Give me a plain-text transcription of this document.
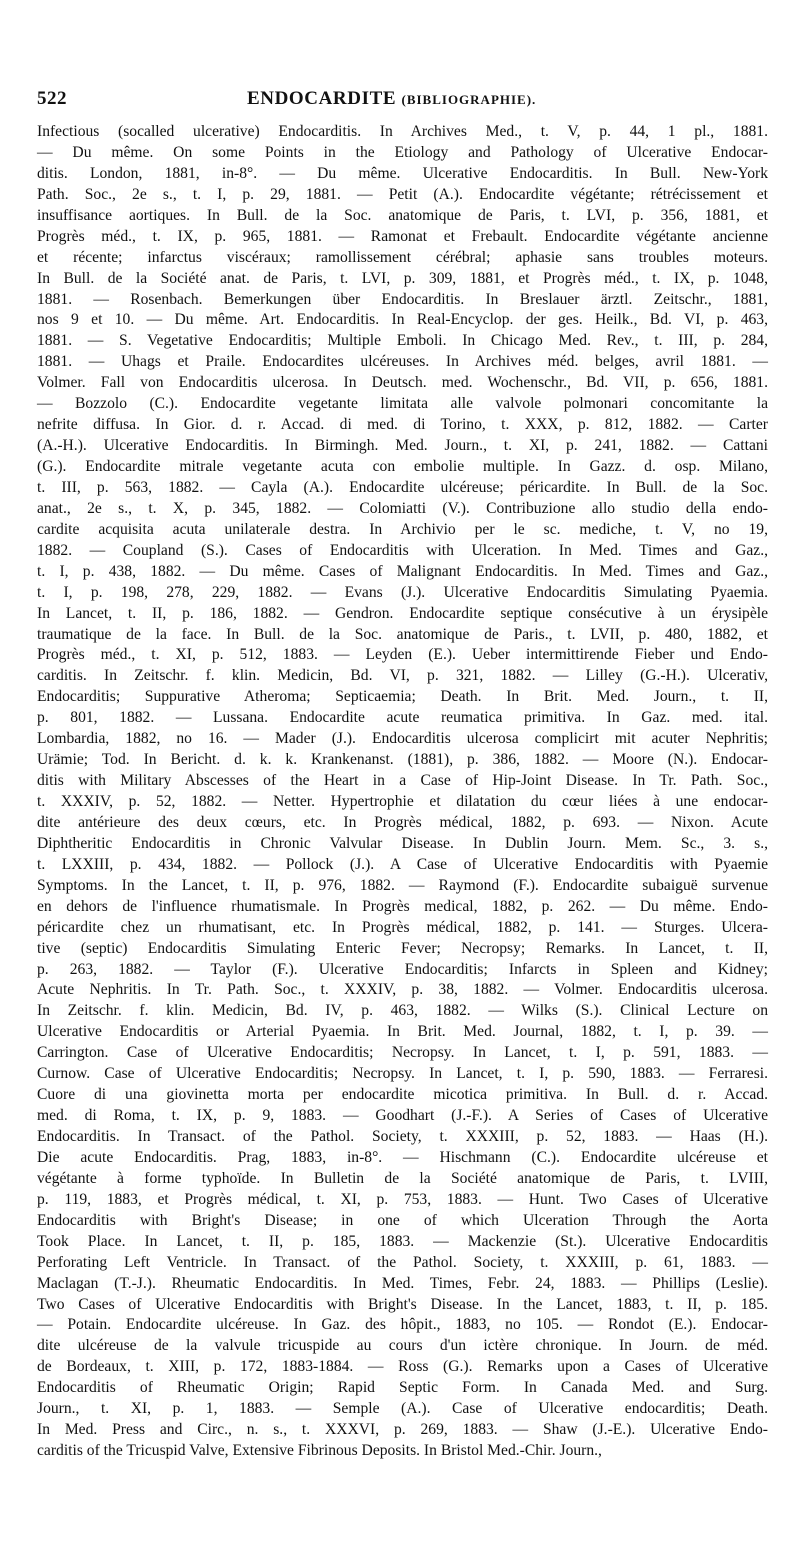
522	ENDOCARDITE (BIBLIOGRAPHIE).
Infectious (socalled ulcerative) Endocarditis. In Archives Med., t. V, p. 44, 1 pl., 1881.
— Du même. On some Points in the Etiology and Pathology of Ulcerative Endocar-
ditis. London, 1881, in-8°. — Du même. Ulcerative Endocarditis. In Bull. New-York
Path. Soc., 2e s., t. I, p. 29, 1881. — Petit (A.). Endocardite végétante; rétrécissement et
insuffisance aortiques. In Bull. de la Soc. anatomique de Paris, t. LVI, p. 356, 1881, et
Progrès méd., t. IX, p. 965, 1881. — Ramonat et Frebault. Endocardite végétante ancienne
et récente; infarctus viscéraux; ramollissement cérébral; aphasie sans troubles moteurs.
In Bull. de la Société anat. de Paris, t. LVI, p. 309, 1881, et Progrès méd., t. IX, p. 1048,
1881. — Rosenbach. Bemerkungen über Endocarditis. In Breslauer ärztl. Zeitschr., 1881,
nos 9 et 10. — Du même. Art. Endocarditis. In Real-Encyclop. der ges. Heilk., Bd. VI, p. 463,
1881. — S. Vegetative Endocarditis; Multiple Emboli. In Chicago Med. Rev., t. III, p. 284,
1881. — Uhags et Praile. Endocardites ulcéreuses. In Archives méd. belges, avril 1881. —
Volmer. Fall von Endocarditis ulcerosa. In Deutsch. med. Wochenschr., Bd. VII, p. 656, 1881.
— Bozzolo (C.). Endocardite vegetante limitata alle valvole polmonari concomitante la
nefrite diffusa. In Gior. d. r. Accad. di med. di Torino, t. XXX, p. 812, 1882. — Carter
(A.-H.). Ulcerative Endocarditis. In Birmingh. Med. Journ., t. XI, p. 241, 1882. — Cattani
(G.). Endocardite mitrale vegetante acuta con embolie multiple. In Gazz. d. osp. Milano,
t. III, p. 563, 1882. — Cayla (A.). Endocardite ulcéreuse; péricardite. In Bull. de la Soc.
anat., 2e s., t. X, p. 345, 1882. — Colomiatti (V.). Contribuzione allo studio della endo-
cardite acquisita acuta unilaterale destra. In Archivio per le sc. mediche, t. V, no 19,
1882. — Coupland (S.). Cases of Endocarditis with Ulceration. In Med. Times and Gaz.,
t. I, p. 438, 1882. — Du même. Cases of Malignant Endocarditis. In Med. Times and Gaz.,
t. I, p. 198, 278, 229, 1882. — Evans (J.). Ulcerative Endocarditis Simulating Pyaemia.
In Lancet, t. II, p. 186, 1882. — Gendron. Endocardite septique consécutive à un érysipèle
traumatique de la face. In Bull. de la Soc. anatomique de Paris., t. LVII, p. 480, 1882, et
Progrès méd., t. XI, p. 512, 1883. — Leyden (E.). Ueber intermittirende Fieber und Endo-
carditis. In Zeitschr. f. klin. Medicin, Bd. VI, p. 321, 1882. — Lilley (G.-H.). Ulcerativ,
Endocarditis; Suppurative Atheroma; Septicaemia; Death. In Brit. Med. Journ., t. II,
p. 801, 1882. — Lussana. Endocardite acute reumatica primitiva. In Gaz. med. ital.
Lombardia, 1882, no 16. — Mader (J.). Endocarditis ulcerosa complicirt mit acuter Nephritis;
Urämie; Tod. In Bericht. d. k. k. Krankenanst. (1881), p. 386, 1882. — Moore (N.). Endocar-
ditis with Military Abscesses of the Heart in a Case of Hip-Joint Disease. In Tr. Path. Soc.,
t. XXXIV, p. 52, 1882. — Netter. Hypertrophie et dilatation du cœur liées à une endocar-
dite antérieure des deux cœurs, etc. In Progrès médical, 1882, p. 693. — Nixon. Acute
Diphtheritic Endocarditis in Chronic Valvular Disease. In Dublin Journ. Mem. Sc., 3. s.,
t. LXXIII, p. 434, 1882. — Pollock (J.). A Case of Ulcerative Endocarditis with Pyaemie
Symptoms. In the Lancet, t. II, p. 976, 1882. — Raymond (F.). Endocardite subaiguë survenue
en dehors de l'influence rhumatismale. In Progrès medical, 1882, p. 262. — Du même. Endo-
péricardite chez un rhumatisant, etc. In Progrès médical, 1882, p. 141. — Sturges. Ulcera-
tive (septic) Endocarditis Simulating Enteric Fever; Necropsy; Remarks. In Lancet, t. II,
p. 263, 1882. — Taylor (F.). Ulcerative Endocarditis; Infarcts in Spleen and Kidney;
Acute Nephritis. In Tr. Path. Soc., t. XXXIV, p. 38, 1882. — Volmer. Endocarditis ulcerosa.
In Zeitschr. f. klin. Medicin, Bd. IV, p. 463, 1882. — Wilks (S.). Clinical Lecture on
Ulcerative Endocarditis or Arterial Pyaemia. In Brit. Med. Journal, 1882, t. I, p. 39. —
Carrington. Case of Ulcerative Endocarditis; Necropsy. In Lancet, t. I, p. 591, 1883. —
Curnow. Case of Ulcerative Endocarditis; Necropsy. In Lancet, t. I, p. 590, 1883. — Ferraresi.
Cuore di una giovinetta morta per endocardite micotica primitiva. In Bull. d. r. Accad.
med. di Roma, t. IX, p. 9, 1883. — Goodhart (J.-F.). A Series of Cases of Ulcerative
Endocarditis. In Transact. of the Pathol. Society, t. XXXIII, p. 52, 1883. — Haas (H.).
Die acute Endocarditis. Prag, 1883, in-8°. — Hischmann (C.). Endocardite ulcéreuse et
végétante à forme typhoïde. In Bulletin de la Société anatomique de Paris, t. LVIII,
p. 119, 1883, et Progrès médical, t. XI, p. 753, 1883. — Hunt. Two Cases of Ulcerative
Endocarditis with Bright's Disease; in one of which Ulceration Through the Aorta
Took Place. In Lancet, t. II, p. 185, 1883. — Mackenzie (St.). Ulcerative Endocarditis
Perforating Left Ventricle. In Transact. of the Pathol. Society, t. XXXIII, p. 61, 1883. —
Maclagan (T.-J.). Rheumatic Endocarditis. In Med. Times, Febr. 24, 1883. — Phillips (Leslie).
Two Cases of Ulcerative Endocarditis with Bright's Disease. In the Lancet, 1883, t. II, p. 185.
— Potain. Endocardite ulcéreuse. In Gaz. des hôpit., 1883, no 105. — Rondot (E.). Endocar-
dite ulcéreuse de la valvule tricuspide au cours d'un ictère chronique. In Journ. de méd.
de Bordeaux, t. XIII, p. 172, 1883-1884. — Ross (G.). Remarks upon a Cases of Ulcerative
Endocarditis of Rheumatic Origin; Rapid Septic Form. In Canada Med. and Surg.
Journ., t. XI, p. 1, 1883. — Semple (A.). Case of Ulcerative endocarditis; Death.
In Med. Press and Circ., n. s., t. XXXVI, p. 269, 1883. — Shaw (J.-E.). Ulcerative Endo-
carditis of the Tricuspid Valve, Extensive Fibrinous Deposits. In Bristol Med.-Chir. Journ.,
